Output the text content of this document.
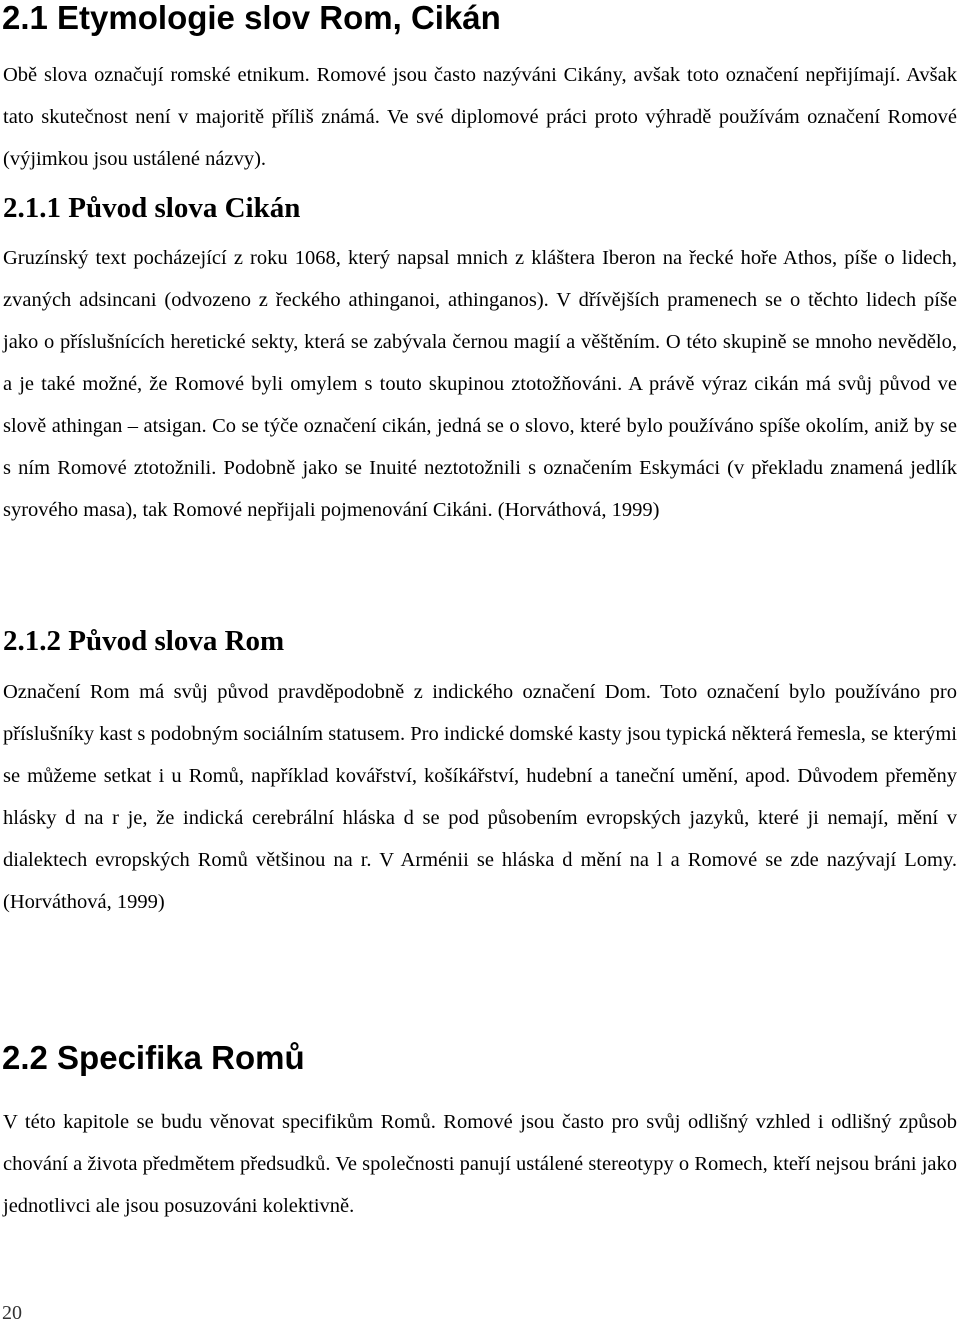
2.1 Etymologie slov Rom, Cikán

Obě slova označují romské etnikum. Romové jsou často nazýváni Cikány, avšak toto označení nepřijímají. Avšak tato skutečnost není v majoritě příliš známá. Ve své diplomové práci proto výhradě používám označení Romové (výjimkou jsou ustálené názvy).

2.1.1 Původ slova Cikán

Gruzínský text pocházející z roku 1068, který napsal mnich z kláštera Iberon na řecké hoře Athos, píše o lidech, zvaných adsincani (odvozeno z řeckého athinganoi, athinganos). V dřívějších pramenech se o těchto lidech píše jako o příslušnících heretické sekty, která se zabývala černou magií a věštěním. O této skupině se mnoho nevědělo, a je také možné, že Romové byli omylem s touto skupinou ztotožňováni. A právě výraz cikán má svůj původ ve slově athingan – atsigan. Co se týče označení cikán, jedná se o slovo, které bylo používáno spíše okolím, aniž by se s ním Romové ztotožnili. Podobně jako se Inuité neztotožnili s označením Eskymáci (v překladu znamená jedlík syrového masa), tak Romové nepřijali pojmenování Cikáni. (Horváthová, 1999)

2.1.2 Původ slova Rom

Označení Rom má svůj původ pravděpodobně z indického označení Dom. Toto označení bylo používáno pro příslušníky kast s podobným sociálním statusem. Pro indické domské kasty jsou typická některá řemesla, se kterými se můžeme setkat i u Romů, například kovářství, košíkářství, hudební a taneční umění, apod. Důvodem přeměny hlásky d na r je, že indická cerebrální hláska d se pod působením evropských jazyků, které ji nemají, mění v dialektech evropských Romů většinou na r. V Arménii se hláska d mění na l a Romové se zde nazývají Lomy. (Horváthová, 1999)

2.2 Specifika Romů

V této kapitole se budu věnovat specifikům Romů. Romové jsou často pro svůj odlišný vzhled i odlišný způsob chování a života předmětem předsudků. Ve společnosti panují ustálené stereotypy o Romech, kteří nejsou bráni jako jednotlivci ale jsou posuzováni kolektivně.

20
